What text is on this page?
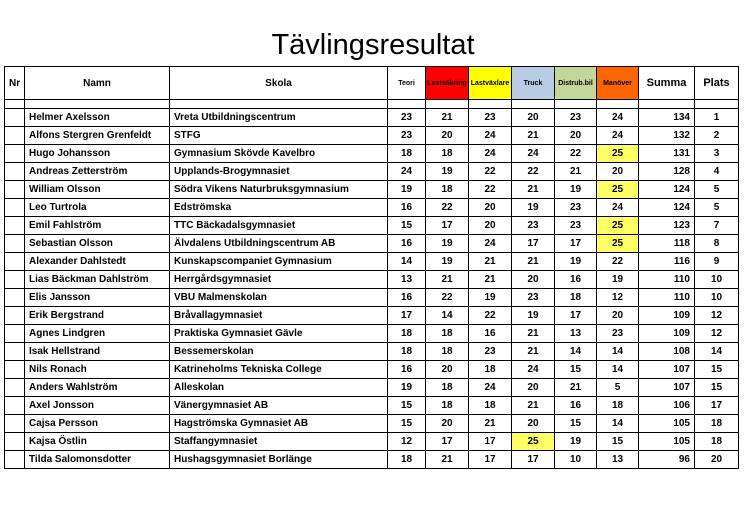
Tävlingsresultat
Nr	Namn	Skola	Teori	Lastsäkring	Lastväxlare	Truck	Distrub.bil	Manöver	Summa	Plats

	Helmer Axelsson	Vreta Utbildningscentrum	23	21	23	20	23	24	134	1
	Alfons Stergren Grenfeldt	STFG	23	20	24	21	20	24	132	2
	Hugo Johansson	Gymnasium Skövde Kavelbro	18	18	24	24	22	25	131	3
	Andreas Zetterström	Upplands-Brogymnasiet	24	19	22	22	21	20	128	4
	William Olsson	Södra Vikens Naturbruksgymnasium	19	18	22	21	19	25	124	5
	Leo Turtrola	Edströmska	16	22	20	19	23	24	124	5
	Emil Fahlström	TTC Bäckadalsgymnasiet	15	17	20	23	23	25	123	7
	Sebastian Olsson	Älvdalens Utbildningscentrum AB	16	19	24	17	17	25	118	8
	Alexander Dahlstedt	Kunskapscompaniet Gymnasium	14	19	21	21	19	22	116	9
	Lias Bäckman Dahlström	Herrgårdsgymnasiet	13	21	21	20	16	19	110	10
	Elis Jansson	VBU Malmenskolan	16	22	19	23	18	12	110	10
	Erik Bergstrand	Bråvallagymnasiet	17	14	22	19	17	20	109	12
	Agnes Lindgren	Praktiska Gymnasiet Gävle	18	18	16	21	13	23	109	12
	Isak Hellstrand	Bessemerskolan	18	18	23	21	14	14	108	14
	Nils Ronach	Katrineholms Tekniska College	16	20	18	24	15	14	107	15
	Anders Wahlström	Alleskolan	19	18	24	20	21	5	107	15
	Axel Jonsson	Vänergymnasiet AB	15	18	18	21	16	18	106	17
	Cajsa Persson	Hagströmska Gymnasiet AB	15	20	21	20	15	14	105	18
	Kajsa Östlin	Staffangymnasiet	12	17	17	25	19	15	105	18
	Tilda Salomonsdotter	Hushagsgymnasiet Borlänge	18	21	17	17	10	13	96	20
